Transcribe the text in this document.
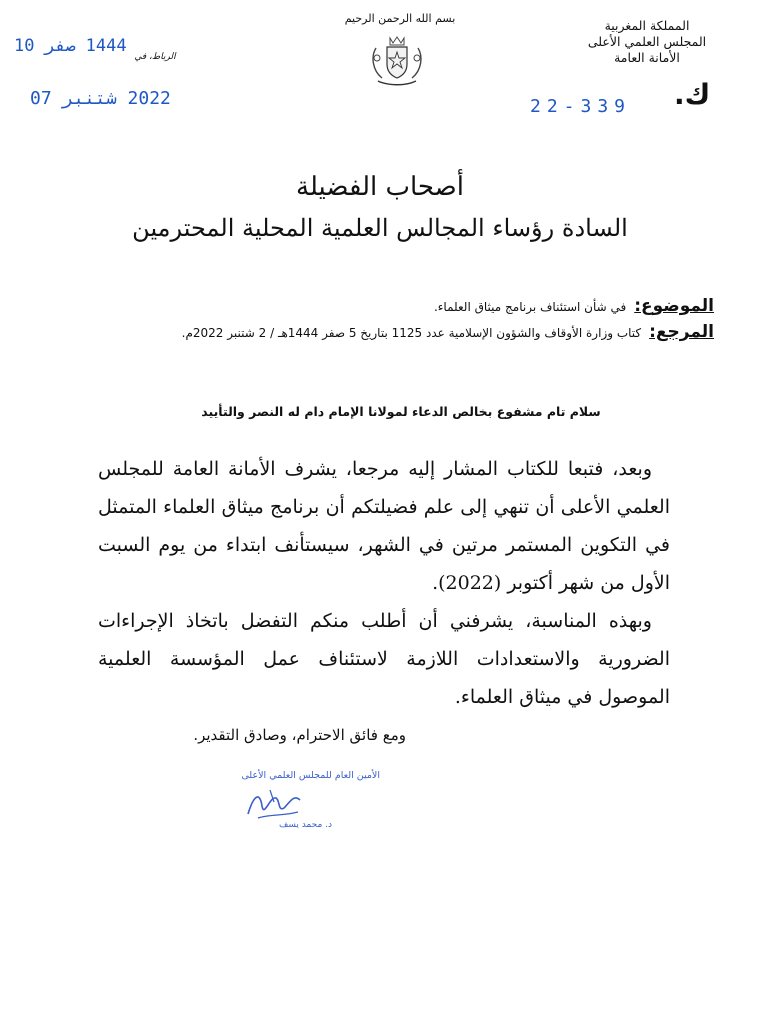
بسم الله الرحمن الرحيم	المملكة المغربية
المجلس العلمي الأعلى
الأمانة العامة
الرباط، في
1444 صفر 10
2022 شتنبر 07	22-339 ك.
أصحاب الفضيلة
السادة رؤساء المجالس العلمية المحلية المحترمين
الموضوع:
في شأن استئناف برنامج ميثاق العلماء.
المرجع:
كتاب وزارة الأوقاف والشؤون الإسلامية عدد 1125 بتاريخ 5 صفر 1444هـ / 2 شتنبر 2022م.
سلام تام مشفوع بخالص الدعاء لمولانا الإمام دام له النصر والتأييد

وبعد، فتبعا للكتاب المشار إليه مرجعا، يشرف الأمانة العامة للمجلس العلمي الأعلى أن تنهي إلى علم فضيلتكم أن برنامج ميثاق العلماء المتمثل في التكوين المستمر مرتين في الشهر، سيستأنف ابتداء من يوم السبت الأول من شهر أكتوبر (2022).

وبهذه المناسبة، يشرفني أن أطلب منكم التفضل باتخاذ الإجراءات الضرورية والاستعدادات اللازمة لاستئناف عمل المؤسسة العلمية الموصول في ميثاق العلماء.

ومع فائق الاحترام، وصادق التقدير.
الأمين العام للمجلس العلمي الأعلى
د. محمد يسف
